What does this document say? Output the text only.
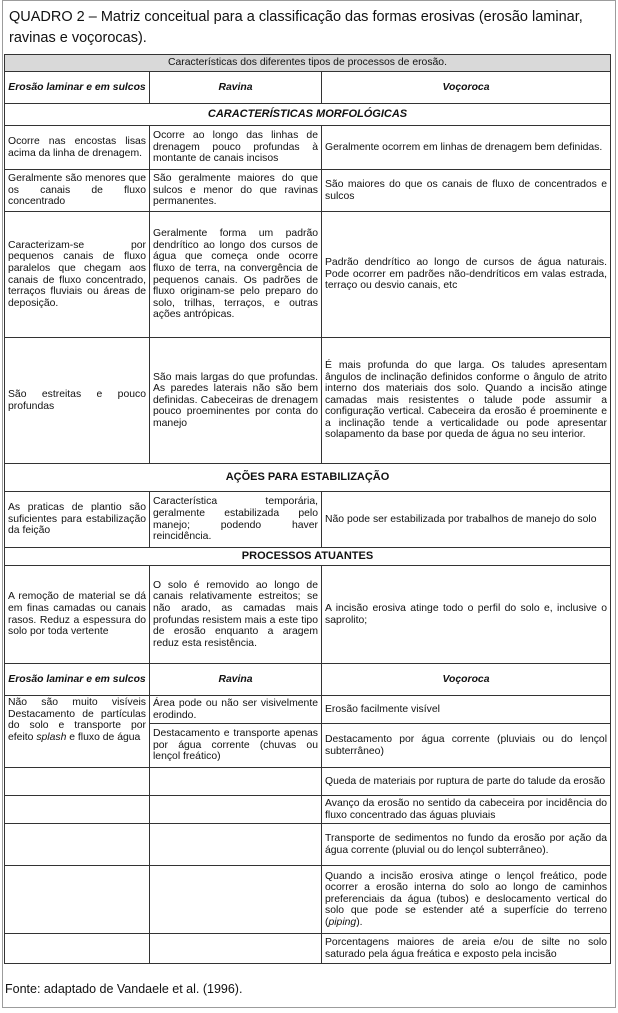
QUADRO 2 – Matriz conceitual para a classificação das formas erosivas (erosão laminar, ravinas e voçorocas).
Características dos diferentes tipos de processos de erosão.		
Erosão laminar e em sulcos	Ravina	Voçoroca
CARACTERÍSTICAS MORFOLÓGICAS		
Ocorre nas encostas lisas acima da linha de drenagem.	Ocorre ao longo das linhas de drenagem pouco profundas à montante de canais incisos	Geralmente ocorrem em linhas de drenagem bem definidas.
Geralmente são menores que os canais de fluxo concentrado	São geralmente maiores do que sulcos e menor do que ravinas permanentes.	São maiores do que os canais de fluxo de concentrados e sulcos
Caracterizam-se por pequenos canais de fluxo paralelos que chegam aos canais de fluxo concentrado, terraços fluviais ou áreas de deposição.	Geralmente forma um padrão dendrítico ao longo dos cursos de água que começa onde ocorre fluxo de terra, na convergência de pequenos canais. Os padrões de fluxo originam-se pelo preparo do solo, trilhas, terraços, e outras ações antrópicas.	Padrão dendrítico ao longo de cursos de água naturais. Pode ocorrer em padrões não-dendríticos em valas estrada, terraço ou desvio canais, etc
São estreitas e pouco profundas	São mais largas do que profundas. As paredes laterais não são bem definidas. Cabeceiras de drenagem pouco proeminentes por conta do manejo	É mais profunda do que larga. Os taludes apresentam ângulos de inclinação definidos conforme o ângulo de atrito interno dos materiais dos solo. Quando a incisão atinge camadas mais resistentes o talude pode assumir a configuração vertical. Cabeceira da erosão é proeminente e a inclinação tende a verticalidade ou pode apresentar solapamento da base por queda de água no seu interior.
AÇÕES PARA ESTABILIZAÇÃO		
As praticas de plantio são suficientes para estabilização da feição	Característica temporária, geralmente estabilizada pelo manejo; podendo haver reincidência.	Não pode ser estabilizada por trabalhos de manejo do solo
PROCESSOS ATUANTES		
A remoção de material se dá em finas camadas ou canais rasos. Reduz a espessura do solo por toda vertente	O solo é removido ao longo de canais relativamente estreitos; se não arado, as camadas mais profundas resistem mais a este tipo de erosão enquanto a aragem reduz esta resistência.	A incisão erosiva atinge todo o perfil do solo e, inclusive o saprolito;
Erosão laminar e em sulcos	Ravina	Voçoroca
Não são muito visíveis Destacamento de partículas do solo e transporte por efeito splash e fluxo de água	Área pode ou não ser visivelmente erodindo.	Erosão facilmente visível
	Destacamento e transporte apenas por água corrente (chuvas ou lençol freático)	Destacamento por água corrente (pluviais ou do lençol subterrâneo)
		Queda de materiais por ruptura de parte do talude da erosão
		Avanço da erosão no sentido da cabeceira por incidência do fluxo concentrado das águas pluviais
		Transporte de sedimentos no fundo da erosão por ação da água corrente (pluvial ou do lençol subterrâneo).
		Quando a incisão erosiva atinge o lençol freático, pode ocorrer a erosão interna do solo ao longo de caminhos preferenciais da água (tubos) e deslocamento vertical do solo que pode se estender até a superfície do terreno (piping).
		Porcentagens maiores de areia e/ou de silte no solo saturado pela água freática e exposto pela incisão
Fonte: adaptado de Vandaele et al. (1996).
